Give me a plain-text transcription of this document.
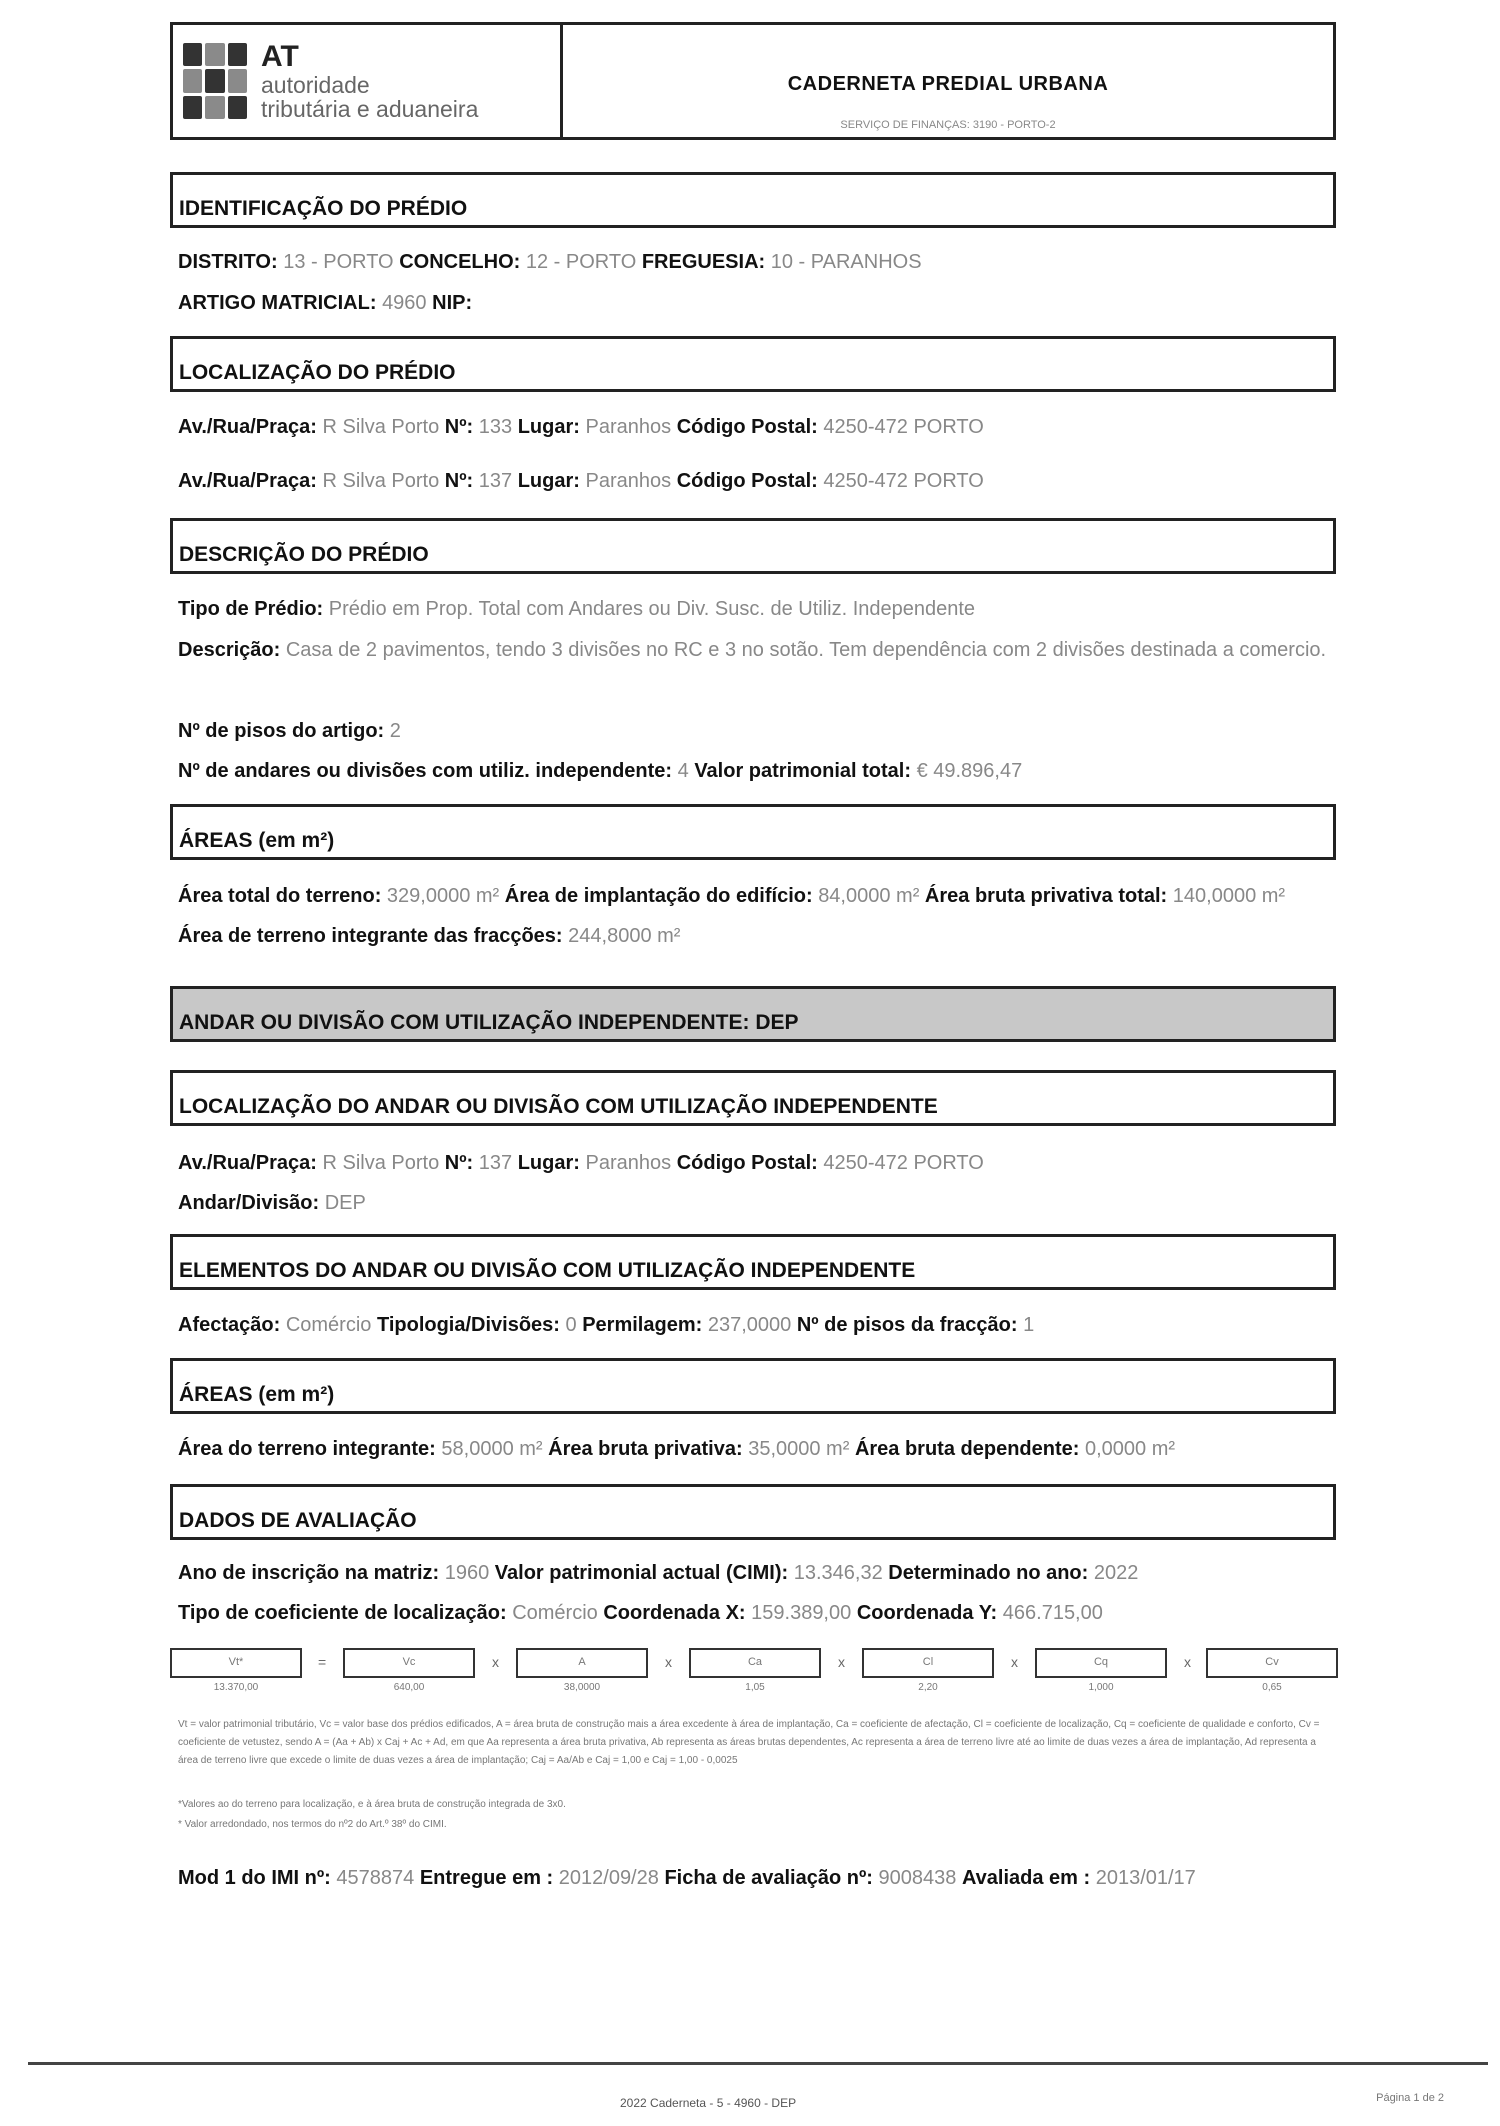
AT
autoridade
tributária e aduaneira
CADERNETA PREDIAL URBANA
SERVIÇO DE FINANÇAS: 3190 - PORTO-2
IDENTIFICAÇÃO DO PRÉDIO
DISTRITO: 13 - PORTO CONCELHO: 12 - PORTO FREGUESIA: 10 - PARANHOS
ARTIGO MATRICIAL: 4960 NIP:
LOCALIZAÇÃO DO PRÉDIO
Av./Rua/Praça: R Silva Porto Nº: 133 Lugar: Paranhos Código Postal: 4250-472 PORTO
Av./Rua/Praça: R Silva Porto Nº: 137 Lugar: Paranhos Código Postal: 4250-472 PORTO
DESCRIÇÃO DO PRÉDIO
Tipo de Prédio: Prédio em Prop. Total com Andares ou Div. Susc. de Utiliz. Independente
Descrição: Casa de 2 pavimentos, tendo 3 divisões no RC e 3 no sotão. Tem dependência com 2 divisões destinada a comercio.
Nº de pisos do artigo: 2
Nº de andares ou divisões com utiliz. independente: 4 Valor patrimonial total: € 49.896,47
ÁREAS (em m²)
Área total do terreno: 329,0000 m² Área de implantação do edifício: 84,0000 m² Área bruta privativa total: 140,0000 m² Área de terreno integrante das fracções: 244,8000 m²
ANDAR OU DIVISÃO COM UTILIZAÇÃO INDEPENDENTE: DEP
LOCALIZAÇÃO DO ANDAR OU DIVISÃO COM UTILIZAÇÃO INDEPENDENTE
Av./Rua/Praça: R Silva Porto Nº: 137 Lugar: Paranhos Código Postal: 4250-472 PORTO
Andar/Divisão: DEP
ELEMENTOS DO ANDAR OU DIVISÃO COM UTILIZAÇÃO INDEPENDENTE
Afectação: Comércio Tipologia/Divisões: 0 Permilagem: 237,0000 Nº de pisos da fracção: 1
ÁREAS (em m²)
Área do terreno integrante: 58,0000 m² Área bruta privativa: 35,0000 m² Área bruta dependente: 0,0000 m²
DADOS DE AVALIAÇÃO
Ano de inscrição na matriz: 1960 Valor patrimonial actual (CIMI): 13.346,32 Determinado no ano: 2022
Tipo de coeficiente de localização: Comércio Coordenada X: 159.389,00 Coordenada Y: 466.715,00
Vt*
13.370,00
=	Vc
640,00
x	A
38,0000
x	Ca
1,05
x	Cl
2,20
x	Cq
1,000
x	Cv
0,65
Vt = valor patrimonial tributário, Vc = valor base dos prédios edificados, A = área bruta de construção mais a área excedente à área de implantação, Ca = coeficiente de afectação, Cl = coeficiente de localização, Cq = coeficiente de qualidade e conforto, Cv = coeficiente de vetustez, sendo A = (Aa + Ab) x Caj + Ac + Ad, em que Aa representa a área bruta privativa, Ab representa as áreas brutas dependentes, Ac representa a área de terreno livre até ao limite de duas vezes a área de implantação, Ad representa a área de terreno livre que excede o limite de duas vezes a área de implantação; Caj = Aa/Ab e Caj = 1,00 e Caj = 1,00 - 0,0025
*Valores ao do terreno para localização, e à área bruta de construção integrada de 3x0.
* Valor arredondado, nos termos do nº2 do Art.º 38º do CIMI.
Mod 1 do IMI nº: 4578874 Entregue em : 2012/09/28 Ficha de avaliação nº: 9008438 Avaliada em : 2013/01/17
2022 Caderneta - 5 - 4960 - DEP	Página 1 de 2
